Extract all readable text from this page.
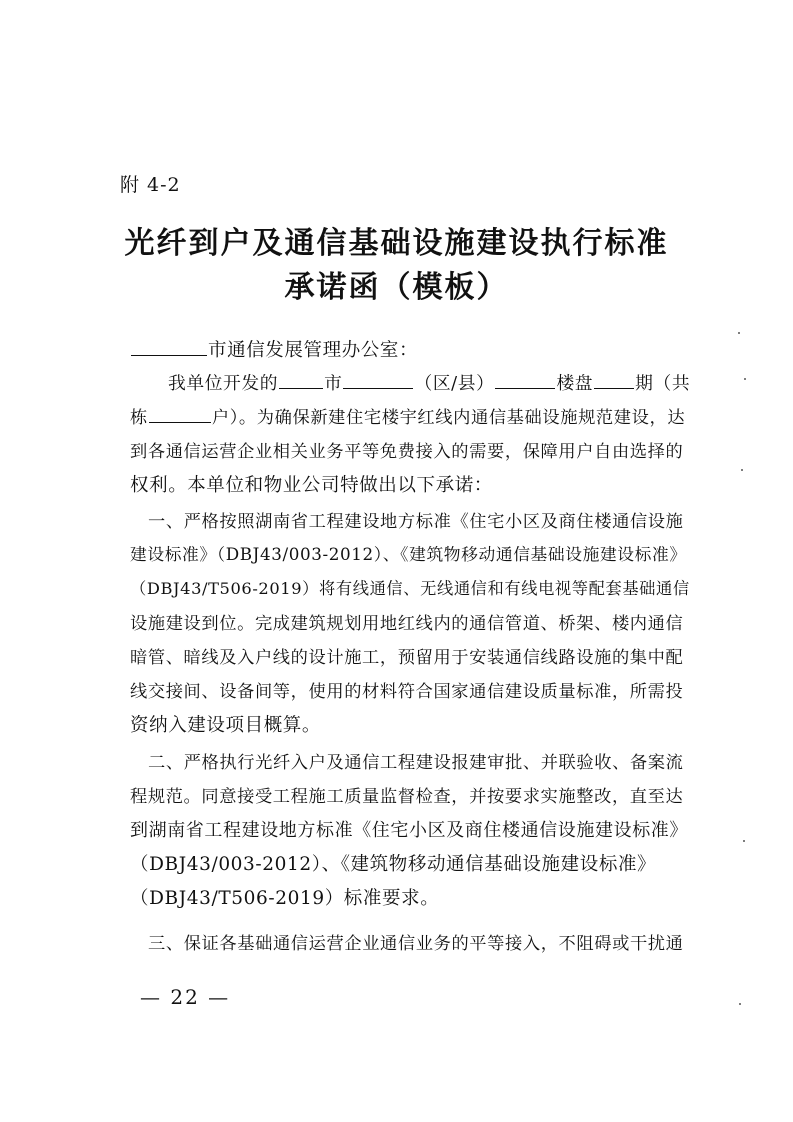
附 4-2
光纤到户及通信基础设施建设执行标准
承诺函（模板）
市通信发展管理办公室：
我单位开发的	市	（区/县）	楼盘 期（共
栋	户）。为确保新建住宅楼宇红线内通信基础设施规范建设，达
到各通信运营企业相关业务平等免费接入的需要，保障用户自由选择的
权利。本单位和物业公司特做出以下承诺：
一、严格按照湖南省工程建设地方标准《住宅小区及商住楼通信设施
建设标准》（DBJ43/003-2012）、《建筑物移动通信基础设施建设标准》
（DBJ43/T506-2019）将有线通信、无线通信和有线电视等配套基础通信
设施建设到位。完成建筑规划用地红线内的通信管道、桥架、楼内通信
暗管、暗线及入户线的设计施工，预留用于安装通信线路设施的集中配
线交接间、设备间等，使用的材料符合国家通信建设质量标准，所需投
资纳入建设项目概算。
二、严格执行光纤入户及通信工程建设报建审批、并联验收、备案流
程规范。同意接受工程施工质量监督检查，并按要求实施整改，直至达
到湖南省工程建设地方标准《住宅小区及商住楼通信设施建设标准》
（DBJ43/003-2012）、《建筑物移动通信基础设施建设标准》
（DBJ43/T506-2019）标准要求。
三、保证各基础通信运营企业通信业务的平等接入，不阻碍或干扰通
— 22 —
